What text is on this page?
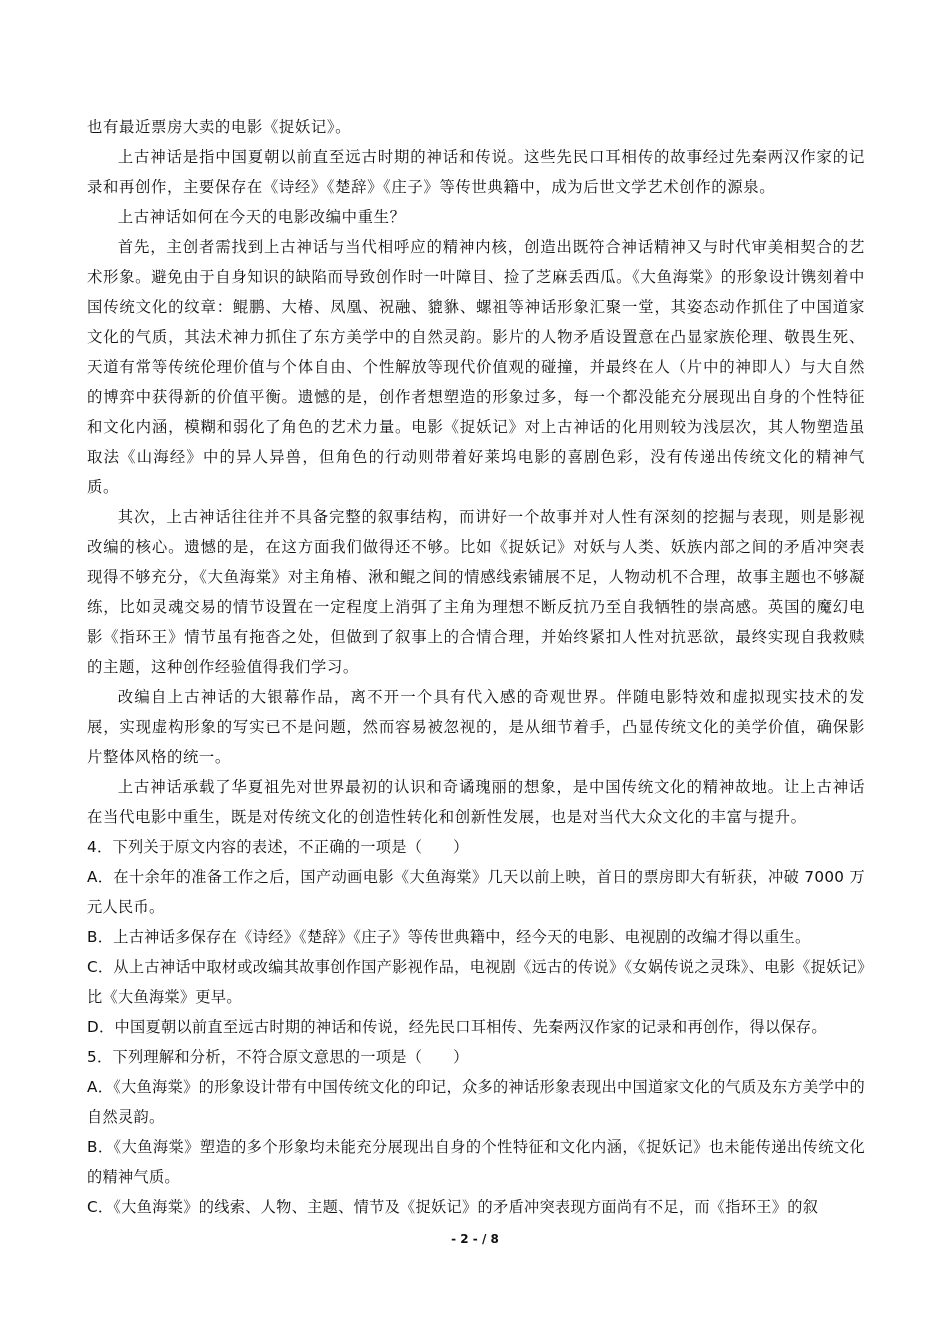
也有最近票房大卖的电影《捉妖记》。

上古神话是指中国夏朝以前直至远古时期的神话和传说。这些先民口耳相传的故事经过先秦两汉作家的记录和再创作，主要保存在《诗经》《楚辞》《庄子》等传世典籍中，成为后世文学艺术创作的源泉。

上古神话如何在今天的电影改编中重生？

首先，主创者需找到上古神话与当代相呼应的精神内核，创造出既符合神话精神又与时代审美相契合的艺术形象。避免由于自身知识的缺陷而导致创作时一叶障目、捡了芝麻丢西瓜。《大鱼海棠》的形象设计镌刻着中国传统文化的纹章：鲲鹏、大椿、凤凰、祝融、貔貅、螺祖等神话形象汇聚一堂，其姿态动作抓住了中国道家文化的气质，其法术神力抓住了东方美学中的自然灵韵。影片的人物矛盾设置意在凸显家族伦理、敬畏生死、天道有常等传统伦理价值与个体自由、个性解放等现代价值观的碰撞，并最终在人（片中的神即人）与大自然的博弈中获得新的价值平衡。遗憾的是，创作者想塑造的形象过多，每一个都没能充分展现出自身的个性特征和文化内涵，模糊和弱化了角色的艺术力量。电影《捉妖记》对上古神话的化用则较为浅层次，其人物塑造虽取法《山海经》中的异人异兽，但角色的行动则带着好莱坞电影的喜剧色彩，没有传递出传统文化的精神气质。

其次，上古神话往往并不具备完整的叙事结构，而讲好一个故事并对人性有深刻的挖掘与表现，则是影视改编的核心。遗憾的是，在这方面我们做得还不够。比如《捉妖记》对妖与人类、妖族内部之间的矛盾冲突表现得不够充分，《大鱼海棠》对主角椿、湫和鲲之间的情感线索铺展不足，人物动机不合理，故事主题也不够凝练，比如灵魂交易的情节设置在一定程度上消弭了主角为理想不断反抗乃至自我牺牲的崇高感。英国的魔幻电影《指环王》情节虽有拖沓之处，但做到了叙事上的合情合理，并始终紧扣人性对抗恶欲，最终实现自我救赎的主题，这种创作经验值得我们学习。

改编自上古神话的大银幕作品，离不开一个具有代入感的奇观世界。伴随电影特效和虚拟现实技术的发展，实现虚构形象的写实已不是问题，然而容易被忽视的，是从细节着手，凸显传统文化的美学价值，确保影片整体风格的统一。

上古神话承载了华夏祖先对世界最初的认识和奇谲瑰丽的想象，是中国传统文化的精神故地。让上古神话在当代电影中重生，既是对传统文化的创造性转化和创新性发展，也是对当代大众文化的丰富与提升。

4．下列关于原文内容的表述，不正确的一项是（　　）

A．在十余年的准备工作之后，国产动画电影《大鱼海棠》几天以前上映，首日的票房即大有斩获，冲破 7000 万元人民币。

B．上古神话多保存在《诗经》《楚辞》《庄子》等传世典籍中，经今天的电影、电视剧的改编才得以重生。

C．从上古神话中取材或改编其故事创作国产影视作品，电视剧《远古的传说》《女娲传说之灵珠》、电影《捉妖记》比《大鱼海棠》更早。

D．中国夏朝以前直至远古时期的神话和传说，经先民口耳相传、先秦两汉作家的记录和再创作，得以保存。

5．下列理解和分析，不符合原文意思的一项是（　　）

A．《大鱼海棠》的形象设计带有中国传统文化的印记，众多的神话形象表现出中国道家文化的气质及东方美学中的自然灵韵。

B．《大鱼海棠》塑造的多个形象均未能充分展现出自身的个性特征和文化内涵，《捉妖记》也未能传递出传统文化的精神气质。

C．《大鱼海棠》的线索、人物、主题、情节及《捉妖记》的矛盾冲突表现方面尚有不足，而《指环王》的叙

- 2 - / 8
